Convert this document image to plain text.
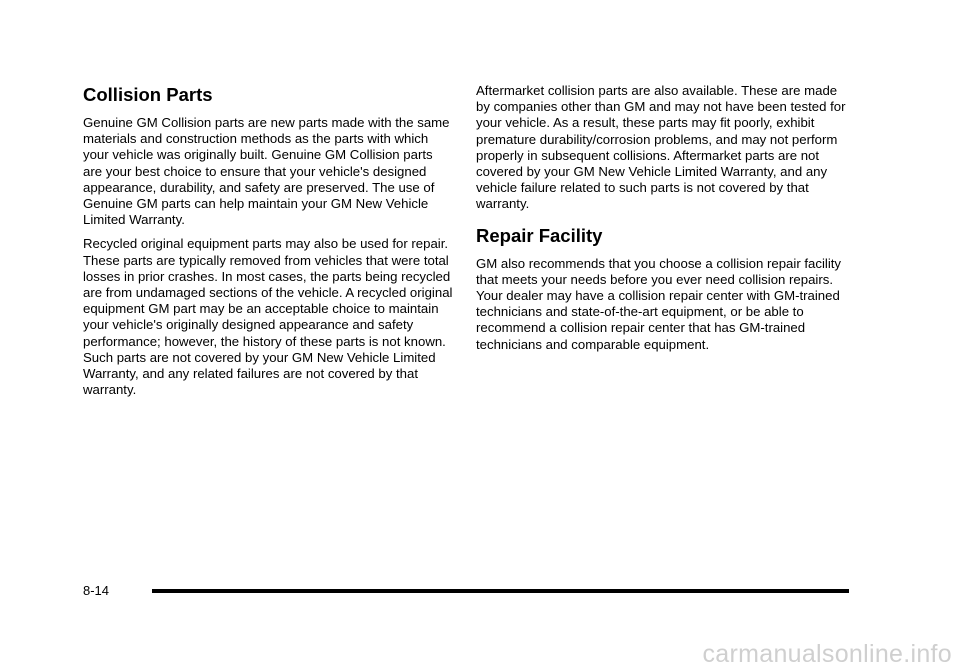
Collision Parts

Genuine GM Collision parts are new parts made with the same materials and construction methods as the parts with which your vehicle was originally built. Genuine GM Collision parts are your best choice to ensure that your vehicle's designed appearance, durability, and safety are preserved. The use of Genuine GM parts can help maintain your GM New Vehicle Limited Warranty.

Recycled original equipment parts may also be used for repair. These parts are typically removed from vehicles that were total losses in prior crashes. In most cases, the parts being recycled are from undamaged sections of the vehicle. A recycled original equipment GM part may be an acceptable choice to maintain your vehicle's originally designed appearance and safety performance; however, the history of these parts is not known. Such parts are not covered by your GM New Vehicle Limited Warranty, and any related failures are not covered by that warranty.

Aftermarket collision parts are also available. These are made by companies other than GM and may not have been tested for your vehicle. As a result, these parts may fit poorly, exhibit premature durability/corrosion problems, and may not perform properly in subsequent collisions. Aftermarket parts are not covered by your GM New Vehicle Limited Warranty, and any vehicle failure related to such parts is not covered by that warranty.

Repair Facility

GM also recommends that you choose a collision repair facility that meets your needs before you ever need collision repairs. Your dealer may have a collision repair center with GM-trained technicians and state-of-the-art equipment, or be able to recommend a collision repair center that has GM-trained technicians and comparable equipment.

8-14
carmanualsonline.info
